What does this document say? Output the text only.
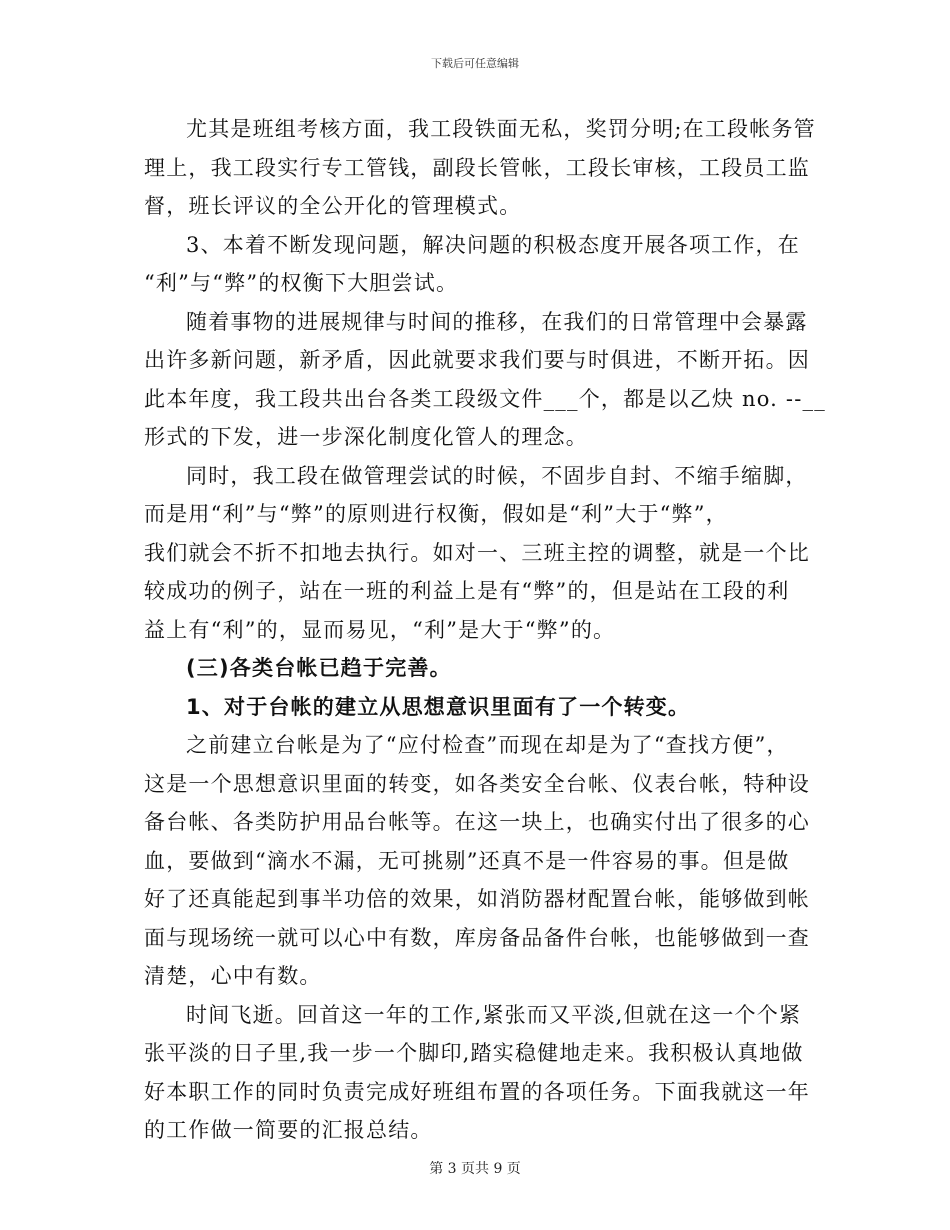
下载后可任意编辑

尤其是班组考核方面，我工段铁面无私，奖罚分明;在工段帐务管
理上，我工段实行专工管钱，副段长管帐，工段长审核，工段员工监
督，班长评议的全公开化的管理模式。

3、本着不断发现问题，解决问题的积极态度开展各项工作，在
“利”与“弊”的权衡下大胆尝试。

随着事物的进展规律与时间的推移，在我们的日常管理中会暴露
出许多新问题，新矛盾，因此就要求我们要与时俱进，不断开拓。因
此本年度，我工段共出台各类工段级文件___个，都是以乙炔 no. --__
形式的下发，进一步深化制度化管人的理念。

同时，我工段在做管理尝试的时候，不固步自封、不缩手缩脚，
而是用“利”与“弊”的原则进行权衡，假如是“利”大于“弊”，
我们就会不折不扣地去执行。如对一、三班主控的调整，就是一个比
较成功的例子，站在一班的利益上是有“弊”的，但是站在工段的利
益上有“利”的，显而易见，“利”是大于“弊”的。

(三)各类台帐已趋于完善。

1、对于台帐的建立从思想意识里面有了一个转变。

之前建立台帐是为了“应付检查”而现在却是为了“查找方便”，
这是一个思想意识里面的转变，如各类安全台帐、仪表台帐，特种设
备台帐、各类防护用品台帐等。在这一块上，也确实付出了很多的心
血，要做到“滴水不漏，无可挑剔”还真不是一件容易的事。但是做
好了还真能起到事半功倍的效果，如消防器材配置台帐，能够做到帐
面与现场统一就可以心中有数，库房备品备件台帐，也能够做到一查
清楚，心中有数。

时间飞逝。回首这一年的工作,紧张而又平淡,但就在这一个个紧
张平淡的日子里,我一步一个脚印,踏实稳健地走来。我积极认真地做
好本职工作的同时负责完成好班组布置的各项任务。下面我就这一年
的工作做一简要的汇报总结。

第 3 页共 9 页
